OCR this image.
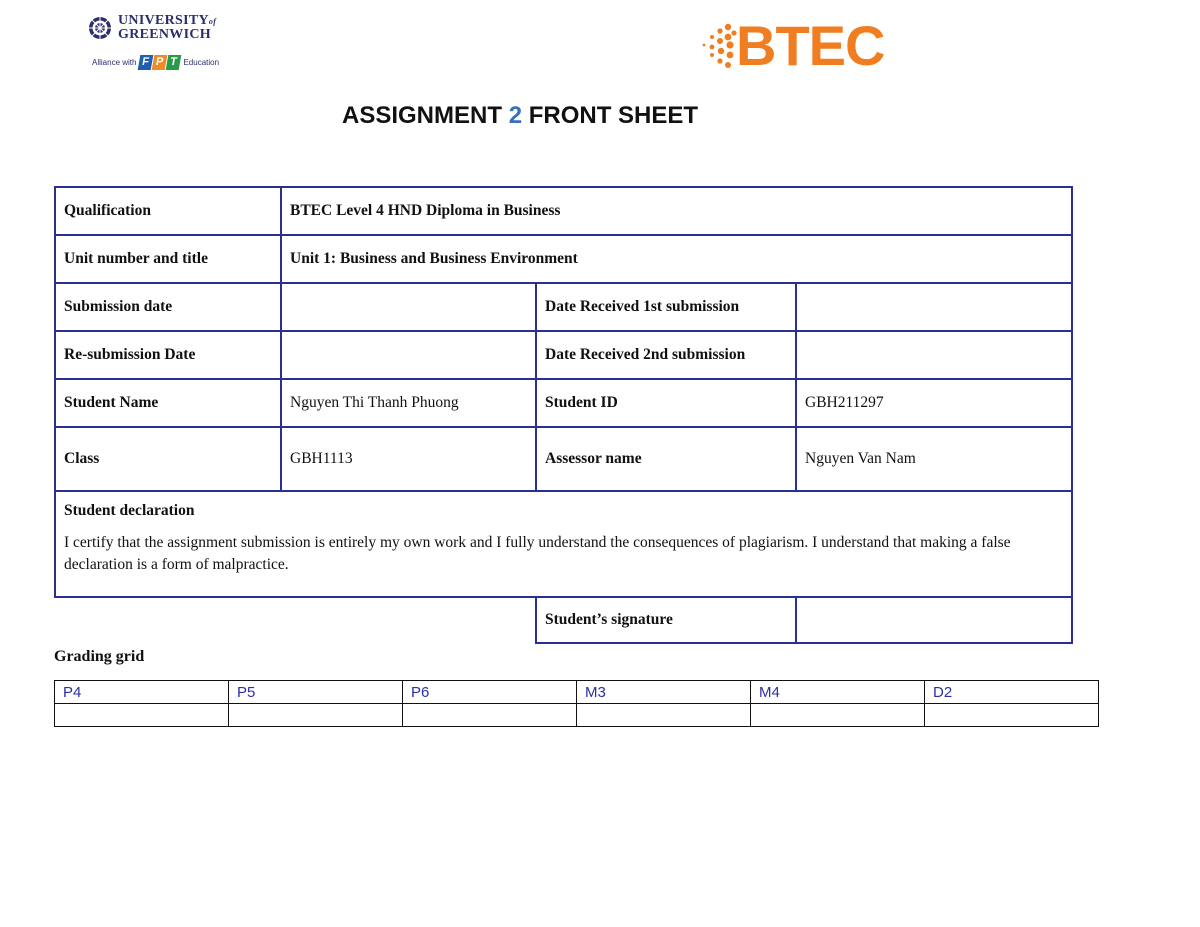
UNIVERSITYof
GREENWICH
Alliance with F P T Education	BTEC
ASSIGNMENT 2 FRONT SHEET
Qualification	BTEC Level 4 HND Diploma in Business		
Unit number and title	Unit 1: Business and Business Environment		
Submission date		Date Received 1st submission	
Re-submission Date		Date Received 2nd submission	
Student Name	Nguyen Thi Thanh Phuong	Student ID	GBH211297
Class	GBH1113	Assessor name	Nguyen Van Nam

Student declaration
I certify that the assignment submission is entirely my own work and I fully understand the consequences of plagiarism. I understand that making a false declaration is a form of malpractice.			

		Student’s signature	
Grading grid
P4	P5	P6	M3	M4	D2
